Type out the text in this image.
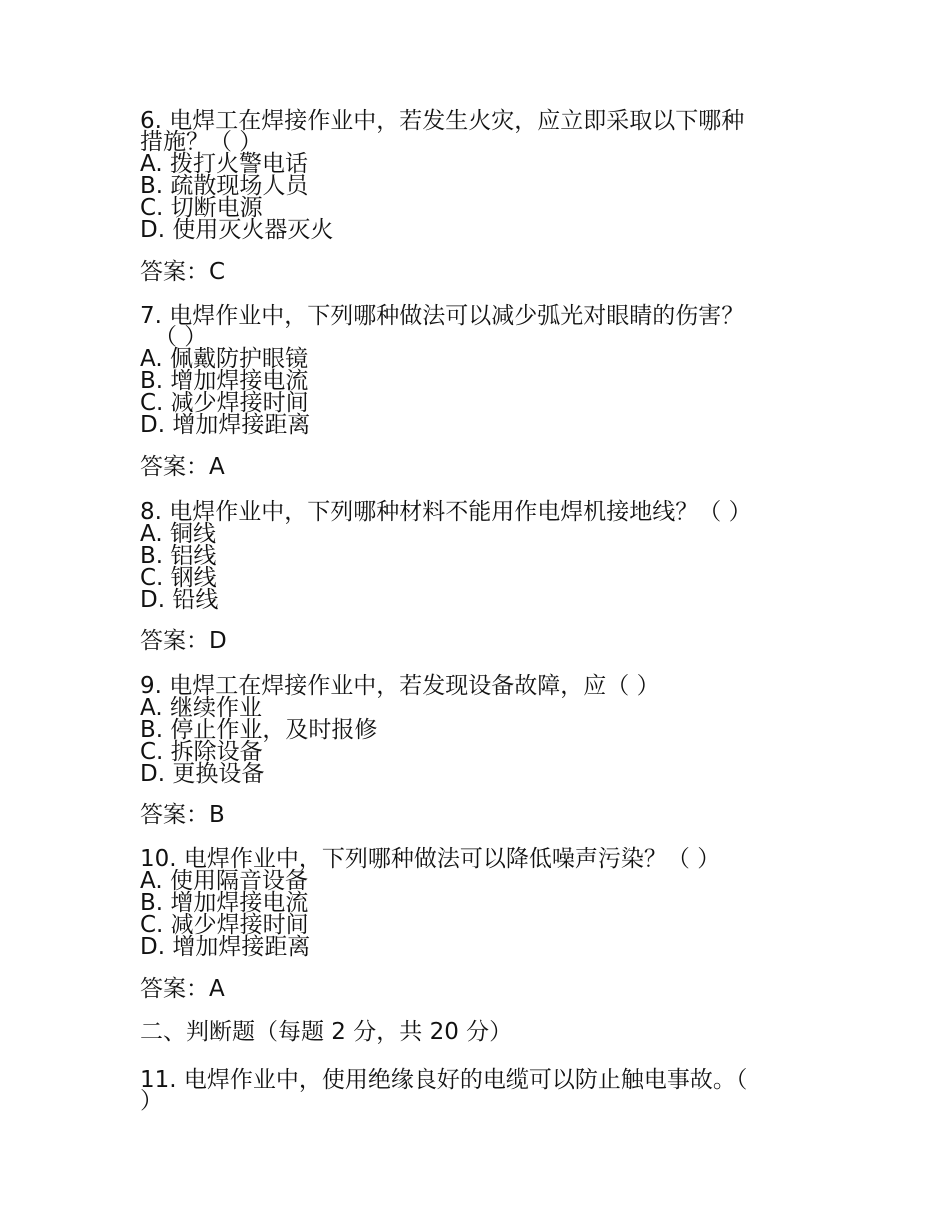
6. 电焊工在焊接作业中，若发生火灾，应立即采取以下哪种

措施？（ ）

A. 拨打火警电话

B. 疏散现场人员

C. 切断电源

D. 使用灭火器灭火

答案：C

7. 电焊作业中，下列哪种做法可以减少弧光对眼睛的伤害？

（ ）

A. 佩戴防护眼镜

B. 增加焊接电流

C. 减少焊接时间

D. 增加焊接距离

答案：A

8. 电焊作业中，下列哪种材料不能用作电焊机接地线？（ ）

A. 铜线

B. 铝线

C. 钢线

D. 铅线

答案：D

9. 电焊工在焊接作业中，若发现设备故障，应（ ）

A. 继续作业

B. 停止作业，及时报修

C. 拆除设备

D. 更换设备

答案：B

10. 电焊作业中，下列哪种做法可以降低噪声污染？（ ）

A. 使用隔音设备

B. 增加焊接电流

C. 减少焊接时间

D. 增加焊接距离

答案：A
二、判断题（每题 2 分，共 20 分）

11. 电焊作业中，使用绝缘良好的电缆可以防止触电事故。（

）
